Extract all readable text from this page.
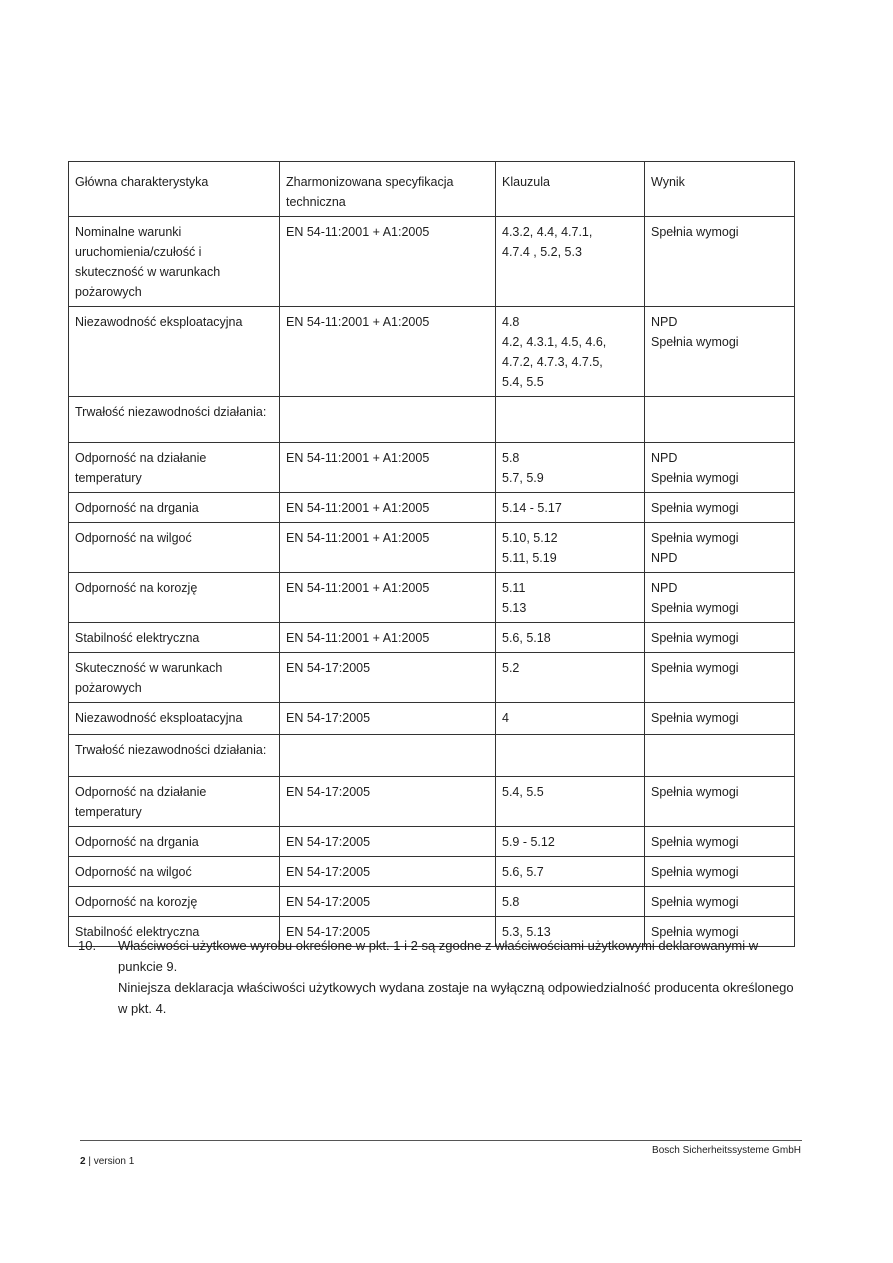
Główna charakterystyka	Zharmonizowana specyfikacja techniczna	Klauzula	Wynik

Nominalne warunki uruchomienia/czułość i skuteczność w warunkach pożarowych	EN 54-11:2001 + A1:2005	4.3.2, 4.4, 4.7.1,
4.7.4 , 5.2, 5.3	Spełnia wymogi

Niezawodność eksploatacyjna	EN 54-11:2001 + A1:2005	4.8
4.2, 4.3.1, 4.5, 4.6,
4.7.2, 4.7.3, 4.7.5,
5.4, 5.5	NPD
Spełnia wymogi

Trwałość niezawodności działania:			

Odporność na działanie temperatury	EN 54-11:2001 + A1:2005	5.8
5.7, 5.9	NPD
Spełnia wymogi

Odporność na drgania	EN 54-11:2001 + A1:2005	5.14 - 5.17	Spełnia wymogi

Odporność na wilgoć	EN 54-11:2001 + A1:2005	5.10, 5.12
5.11, 5.19	Spełnia wymogi
NPD

Odporność na korozję	EN 54-11:2001 + A1:2005	5.11
5.13	NPD
Spełnia wymogi

Stabilność elektryczna	EN 54-11:2001 + A1:2005	5.6, 5.18	Spełnia wymogi

Skuteczność w warunkach pożarowych	EN 54-17:2005	5.2	Spełnia wymogi

Niezawodność eksploatacyjna	EN 54-17:2005	4	Spełnia wymogi

Trwałość niezawodności działania:			

Odporność na działanie temperatury	EN 54-17:2005	5.4, 5.5	Spełnia wymogi

Odporność na drgania	EN 54-17:2005	5.9 - 5.12	Spełnia wymogi

Odporność na wilgoć	EN 54-17:2005	5.6, 5.7	Spełnia wymogi

Odporność na korozję	EN 54-17:2005	5.8	Spełnia wymogi

Stabilność elektryczna	EN 54-17:2005	5.3, 5.13	Spełnia wymogi
10. Właściwości użytkowe wyrobu określone w pkt. 1 i 2 są zgodne z właściwościami użytkowymi deklarowanymi w punkcie 9.

Niniejsza deklaracja właściwości użytkowych wydana zostaje na wyłączną odpowiedzialność producenta określonego w pkt. 4.

2 | version 1
Bosch Sicherheitssysteme GmbH
